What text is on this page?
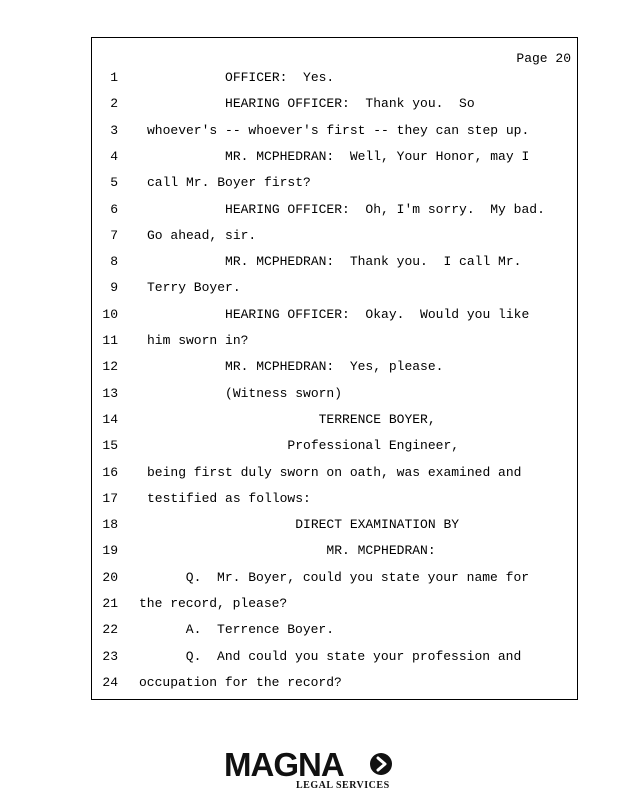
Page 20
1 OFFICER:  Yes.
2 HEARING OFFICER:  Thank you.  So
3 whoever's -- whoever's first -- they can step up.
4 MR. MCPHEDRAN:  Well, Your Honor, may I
5 call Mr. Boyer first?
6 HEARING OFFICER:  Oh, I'm sorry.  My bad.
7 Go ahead, sir.
8 MR. MCPHEDRAN:  Thank you.  I call Mr.
9 Terry Boyer.
10 HEARING OFFICER:  Okay.  Would you like
11 him sworn in?
12 MR. MCPHEDRAN:  Yes, please.
13 (Witness sworn)
14 TERRENCE BOYER,
15 Professional Engineer,
16 being first duly sworn on oath, was examined and
17 testified as follows:
18 DIRECT EXAMINATION BY
19 MR. MCPHEDRAN:
20 Q.  Mr. Boyer, could you state your name for
21 the record, please?
22 A.  Terrence Boyer.
23 Q.  And could you state your profession and
24 occupation for the record?
MAGNA
LEGAL SERVICES
